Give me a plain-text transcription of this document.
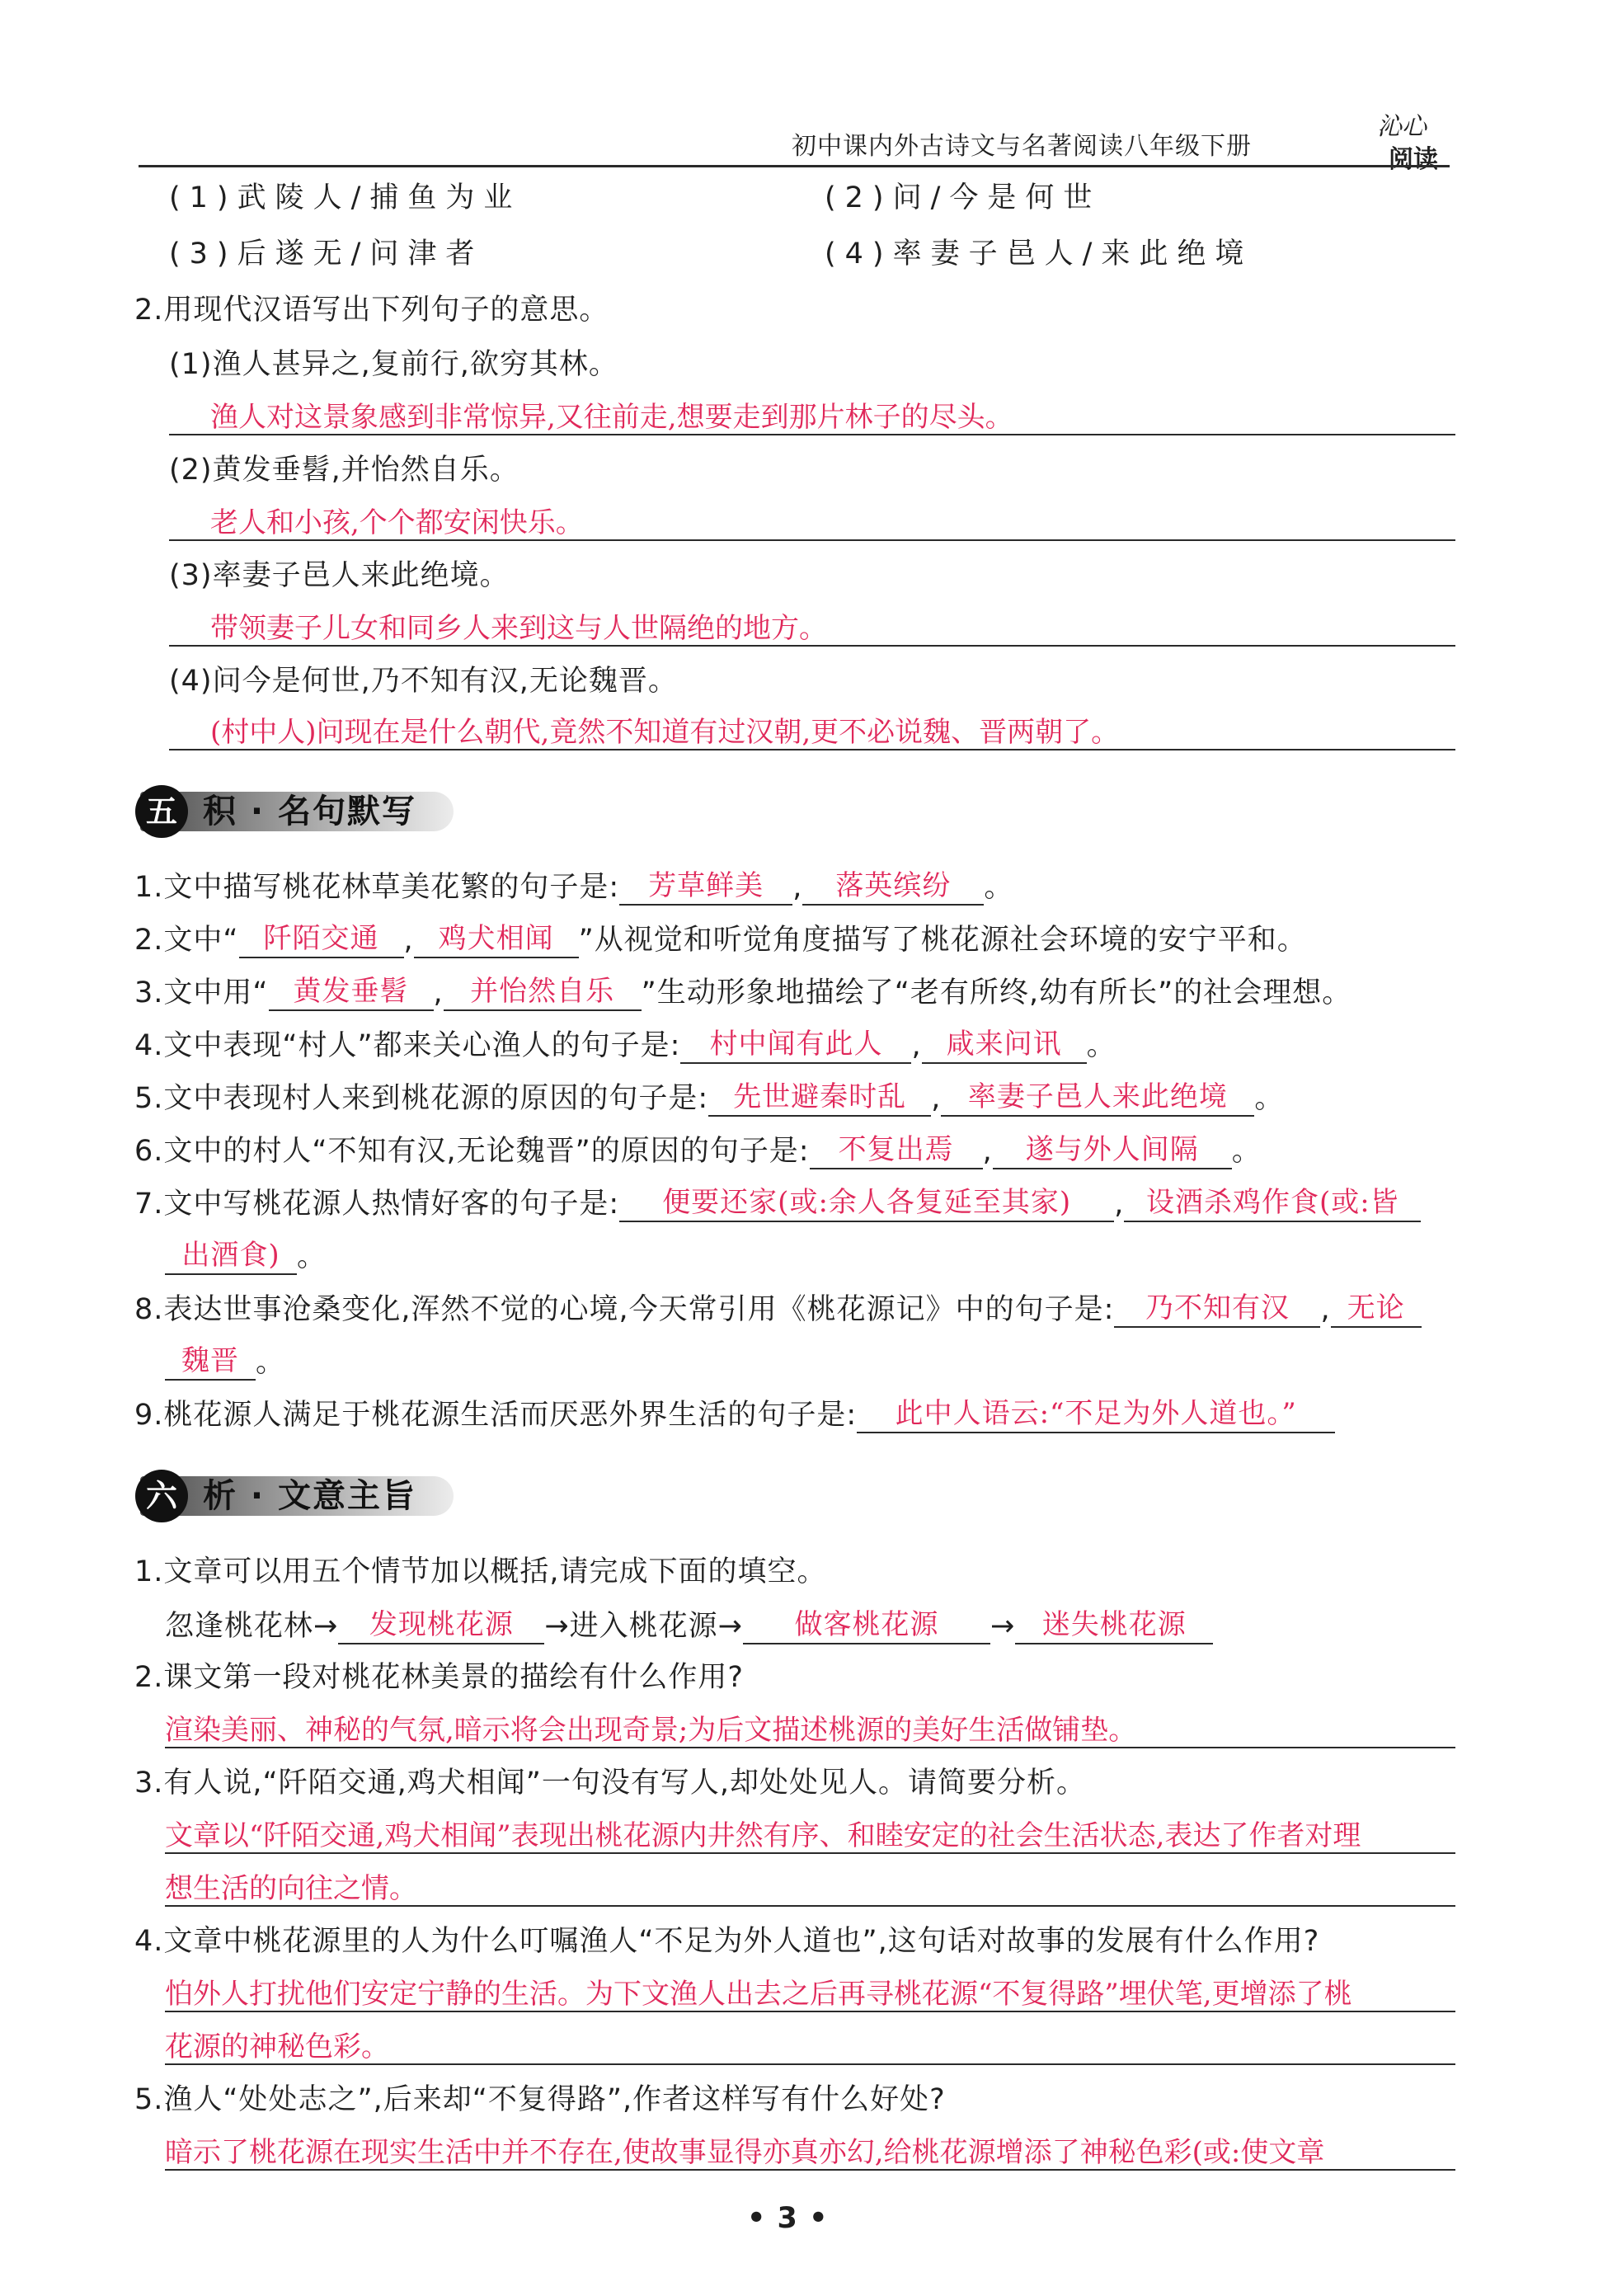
初中课内外古诗文与名著阅读八年级下册
沁心
阅读
(1)武陵人/捕鱼为业	(2)问/今是何世
(3)后遂无/问津者	(4)率妻子邑人/来此绝境
2.用现代汉语写出下列句子的意思。
(1)渔人甚异之,复前行,欲穷其林。
渔人对这景象感到非常惊异,又往前走,想要走到那片林子的尽头。
(2)黄发垂髫,并怡然自乐。
老人和小孩,个个都安闲快乐。
(3)率妻子邑人来此绝境。
带领妻子儿女和同乡人来到这与人世隔绝的地方。
(4)问今是何世,乃不知有汉,无论魏晋。
(村中人)问现在是什么朝代,竟然不知道有过汉朝,更不必说魏、晋两朝了。
五 积 · 名句默写
1.文中描写桃花林草美花繁的句子是: 芳草鲜美 , 落英缤纷 。
2.文中“ 阡陌交通 , 鸡犬相闻 ”从视觉和听觉角度描写了桃花源社会环境的安宁平和。
3.文中用“ 黄发垂髫 , 并怡然自乐 ”生动形象地描绘了“老有所终,幼有所长”的社会理想。
4.文中表现“村人”都来关心渔人的句子是: 村中闻有此人 , 咸来问讯 。
5.文中表现村人来到桃花源的原因的句子是: 先世避秦时乱 , 率妻子邑人来此绝境 。
6.文中的村人“不知有汉,无论魏晋”的原因的句子是: 不复出焉 , 遂与外人间隔 。
7.文中写桃花源人热情好客的句子是: 便要还家(或:余人各复延至其家) , 设酒杀鸡作食(或:皆
出酒食) 。
8.表达世事沧桑变化,浑然不觉的心境,今天常引用《桃花源记》中的句子是: 乃不知有汉 , 无论
魏晋 。
9.桃花源人满足于桃花源生活而厌恶外界生活的句子是: 此中人语云:“不足为外人道也。”
六 析 · 文意主旨
1.文章可以用五个情节加以概括,请完成下面的填空。
忽逢桃花林→ 发现桃花源 →进入桃花源→ 做客桃花源 → 迷失桃花源
2.课文第一段对桃花林美景的描绘有什么作用?
渲染美丽、神秘的气氛,暗示将会出现奇景;为后文描述桃源的美好生活做铺垫。
3.有人说,“阡陌交通,鸡犬相闻”一句没有写人,却处处见人。请简要分析。
文章以“阡陌交通,鸡犬相闻”表现出桃花源内井然有序、和睦安定的社会生活状态,表达了作者对理
想生活的向往之情。
4.文章中桃花源里的人为什么叮嘱渔人“不足为外人道也”,这句话对故事的发展有什么作用?
怕外人打扰他们安定宁静的生活。为下文渔人出去之后再寻桃花源“不复得路”埋伏笔,更增添了桃
花源的神秘色彩。
5.渔人“处处志之”,后来却“不复得路”,作者这样写有什么好处?
暗示了桃花源在现实生活中并不存在,使故事显得亦真亦幻,给桃花源增添了神秘色彩(或:使文章
• 3 •
